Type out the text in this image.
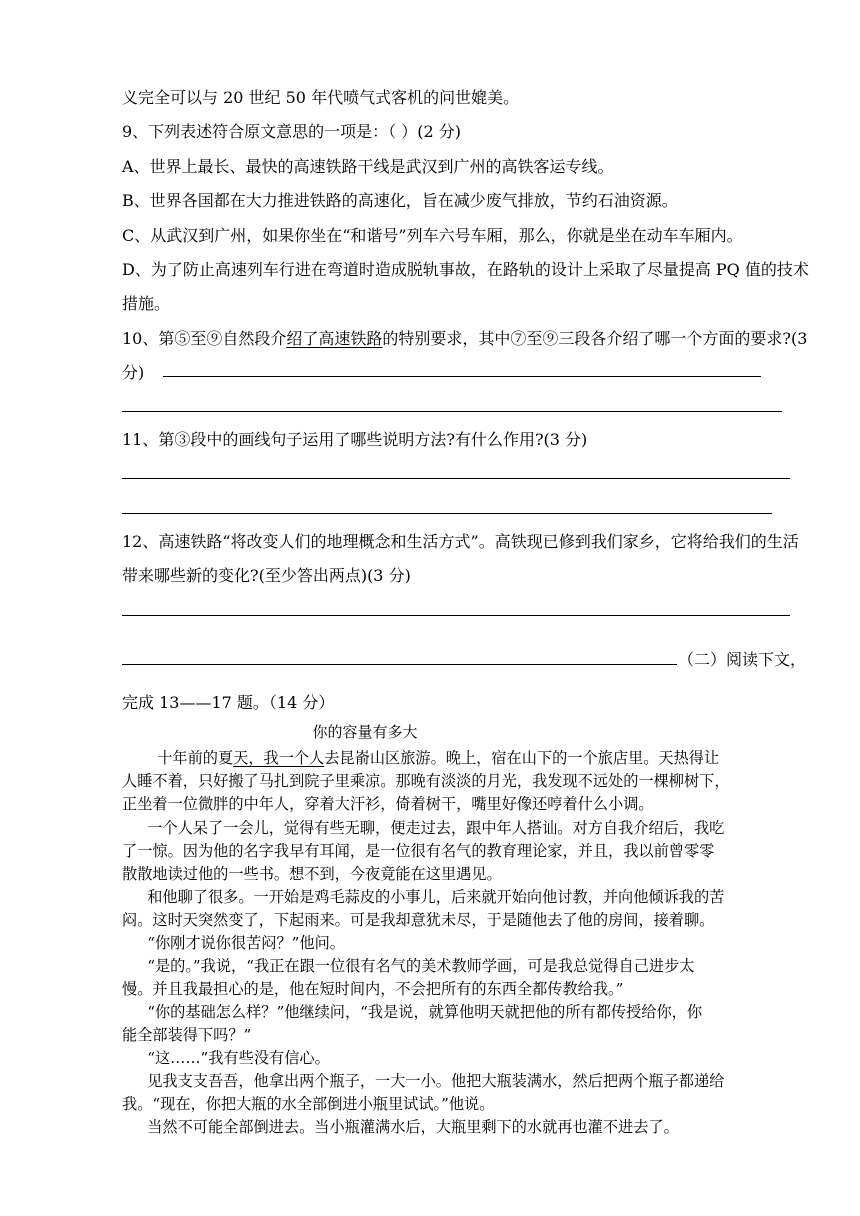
义完全可以与 20 世纪 50 年代喷气式客机的问世媲美。
9、下列表述符合原文意思的一项是：（ ）(2 分)
A、世界上最长、最快的高速铁路干线是武汉到广州的高铁客运专线。
B、世界各国都在大力推进铁路的高速化，旨在减少废气排放，节约石油资源。
C、从武汉到广州，如果你坐在“和谐号”列车六号车厢，那么，你就是坐在动车车厢内。
D、为了防止高速列车行进在弯道时造成脱轨事故，在路轨的设计上采取了尽量提高 PQ 值的技术
措施。
10、第⑤至⑨自然段介绍了高速铁路的特别要求，其中⑦至⑨三段各介绍了哪一个方面的要求?(3
分)
11、第③段中的画线句子运用了哪些说明方法?有什么作用?(3 分)
12、高速铁路“将改变人们的地理概念和生活方式”。高铁现已修到我们家乡，它将给我们的生活
带来哪些新的变化?(至少答出两点)(3 分)
（二）阅读下文，
完成 13——17 题。（14 分）
你的容量有多大
　十年前的夏天，我一个人去昆嵛山区旅游。晚上，宿在山下的一个旅店里。天热得让
人睡不着，只好搬了马扎到院子里乘凉。那晚有淡淡的月光，我发现不远处的一棵柳树下，
正坐着一位微胖的中年人，穿着大汗衫，倚着树干，嘴里好像还哼着什么小调。
　一个人呆了一会儿，觉得有些无聊，便走过去，跟中年人搭讪。对方自我介绍后，我吃
了一惊。因为他的名字我早有耳闻，是一位很有名气的教育理论家，并且，我以前曾零零
散散地读过他的一些书。想不到，今夜竟能在这里遇见。
　和他聊了很多。一开始是鸡毛蒜皮的小事儿，后来就开始向他讨教，并向他倾诉我的苦
闷。这时天突然变了，下起雨来。可是我却意犹未尽，于是随他去了他的房间，接着聊。
　“你刚才说你很苦闷？”他问。
　“是的。”我说，“我正在跟一位很有名气的美术教师学画，可是我总觉得自己进步太
慢。并且我最担心的是，他在短时间内，不会把所有的东西全都传教给我。”
　“你的基础怎么样？”他继续问，“我是说，就算他明天就把他的所有都传授给你，你
能全部装得下吗？”
　“这……”我有些没有信心。
　见我支支吾吾，他拿出两个瓶子，一大一小。他把大瓶装满水，然后把两个瓶子都递给
我。“现在，你把大瓶的水全部倒进小瓶里试试。”他说。
　当然不可能全部倒进去。当小瓶灌满水后，大瓶里剩下的水就再也灌不进去了。
